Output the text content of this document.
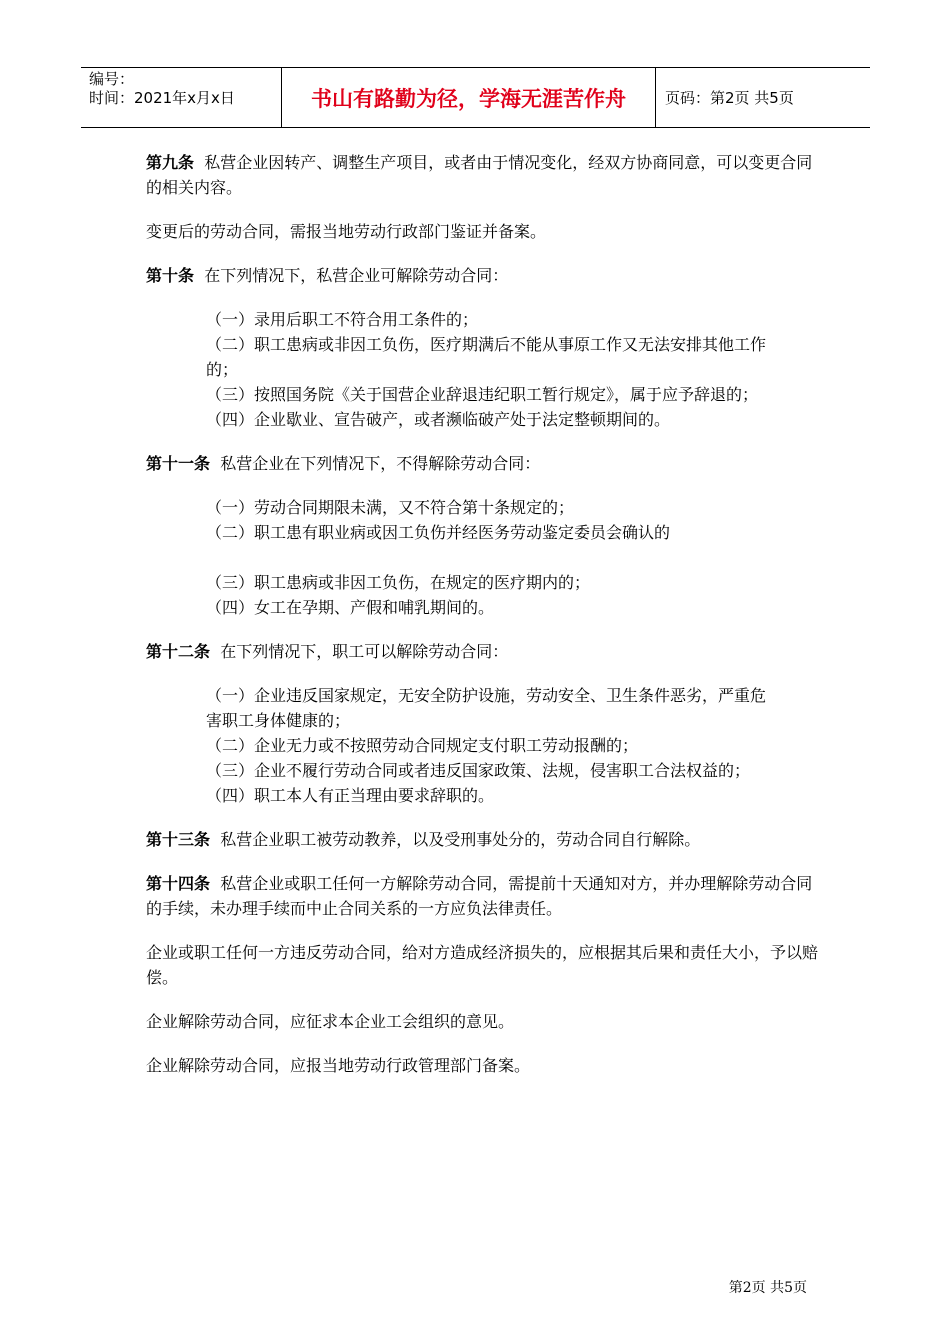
编号：
时间：2021年x月x日	书山有路勤为径，学海无涯苦作舟	页码：第2页 共5页

第九条 私营企业因转产、调整生产项目，或者由于情况变化，经双方协商同意，可以变更合同的相关内容。

变更后的劳动合同，需报当地劳动行政部门鉴证并备案。

第十条 在下列情况下，私营企业可解除劳动合同：

（一）录用后职工不符合用工条件的；

（二）职工患病或非因工负伤，医疗期满后不能从事原工作又无法安排其他工作的；

（三）按照国务院《关于国营企业辞退违纪职工暂行规定》，属于应予辞退的；

（四）企业歇业、宣告破产，或者濒临破产处于法定整顿期间的。

第十一条 私营企业在下列情况下，不得解除劳动合同：

（一）劳动合同期限未满，又不符合第十条规定的；

（二）职工患有职业病或因工负伤并经医务劳动鉴定委员会确认的

（三）职工患病或非因工负伤，在规定的医疗期内的；

（四）女工在孕期、产假和哺乳期间的。

第十二条 在下列情况下，职工可以解除劳动合同：

（一）企业违反国家规定，无安全防护设施，劳动安全、卫生条件恶劣，严重危害职工身体健康的；

（二）企业无力或不按照劳动合同规定支付职工劳动报酬的；

（三）企业不履行劳动合同或者违反国家政策、法规，侵害职工合法权益的；

（四）职工本人有正当理由要求辞职的。

第十三条 私营企业职工被劳动教养，以及受刑事处分的，劳动合同自行解除。

第十四条 私营企业或职工任何一方解除劳动合同，需提前十天通知对方，并办理解除劳动合同的手续，未办理手续而中止合同关系的一方应负法律责任。

企业或职工任何一方违反劳动合同，给对方造成经济损失的，应根据其后果和责任大小，予以赔偿。

企业解除劳动合同，应征求本企业工会组织的意见。

企业解除劳动合同，应报当地劳动行政管理部门备案。

第2页 共5页
